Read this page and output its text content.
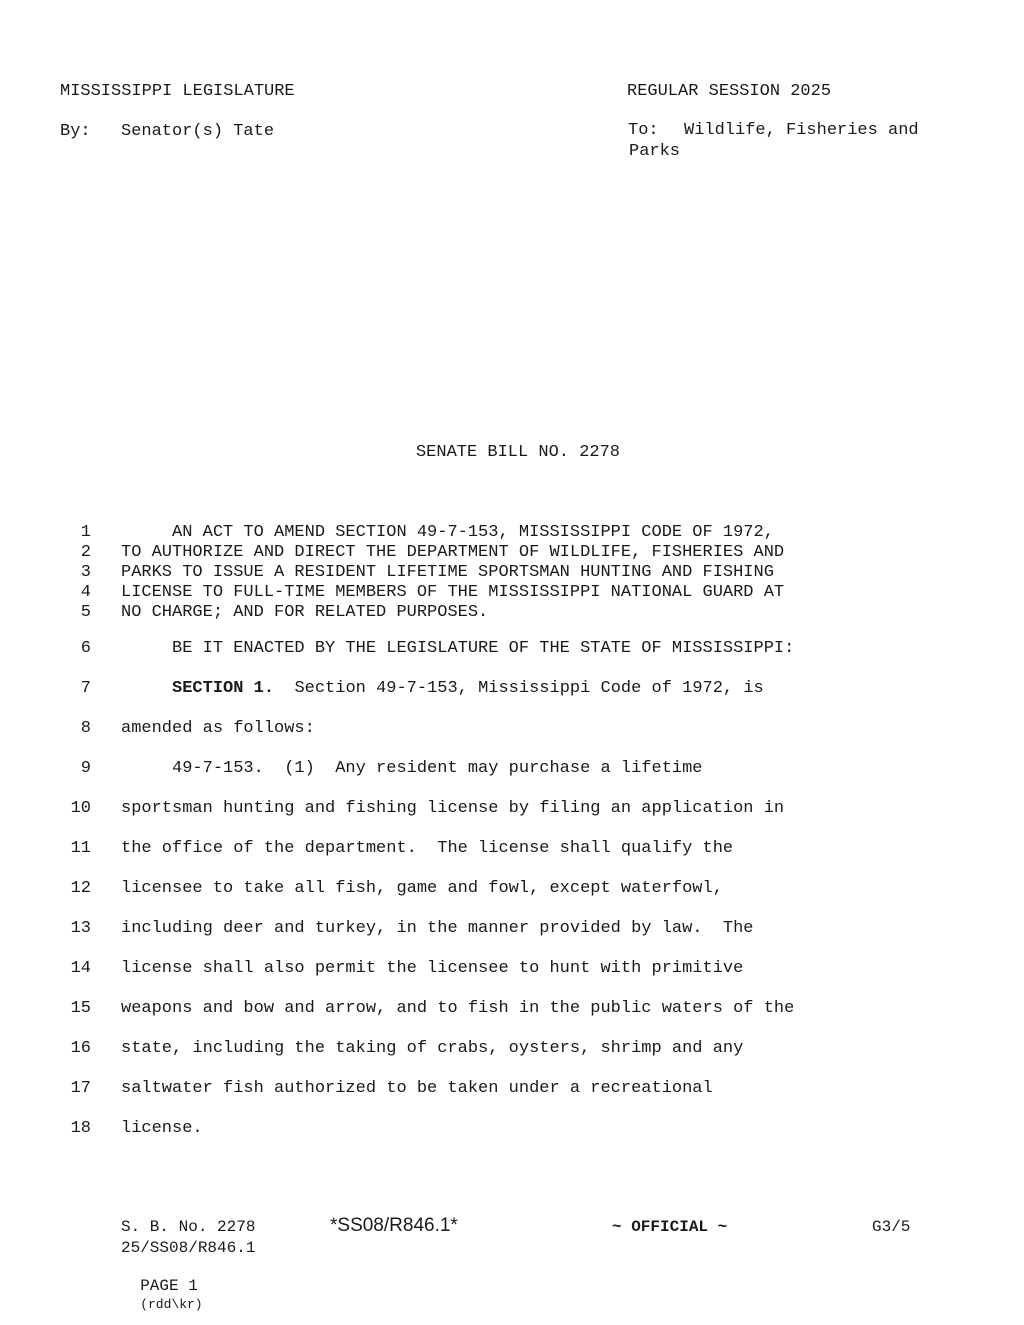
MISSISSIPPI LEGISLATURE	REGULAR SESSION 2025
By: Senator(s) Tate	To: Wildlife, Fisheries and
Parks
SENATE BILL NO. 2278
1 AN ACT TO AMEND SECTION 49-7-153, MISSISSIPPI CODE OF 1972,
2 TO AUTHORIZE AND DIRECT THE DEPARTMENT OF WILDLIFE, FISHERIES AND
3 PARKS TO ISSUE A RESIDENT LIFETIME SPORTSMAN HUNTING AND FISHING
4 LICENSE TO FULL-TIME MEMBERS OF THE MISSISSIPPI NATIONAL GUARD AT
5 NO CHARGE; AND FOR RELATED PURPOSES.
6 BE IT ENACTED BY THE LEGISLATURE OF THE STATE OF MISSISSIPPI:
7	SECTION 1.  Section 49-7-153, Mississippi Code of 1972, is
8 amended as follows:
9 49-7-153.  (1)  Any resident may purchase a lifetime
10 sportsman hunting and fishing license by filing an application in
11 the office of the department.  The license shall qualify the
12 licensee to take all fish, game and fowl, except waterfowl,
13 including deer and turkey, in the manner provided by law.  The
14 license shall also permit the licensee to hunt with primitive
15 weapons and bow and arrow, and to fish in the public waters of the
16 state, including the taking of crabs, oysters, shrimp and any
17 saltwater fish authorized to be taken under a recreational
18 license.
S. B. No. 2278	*SS08/R846.1*	~ OFFICIAL ~	G3/5
25/SS08/R846.1

PAGE 1
(rdd\kr)
